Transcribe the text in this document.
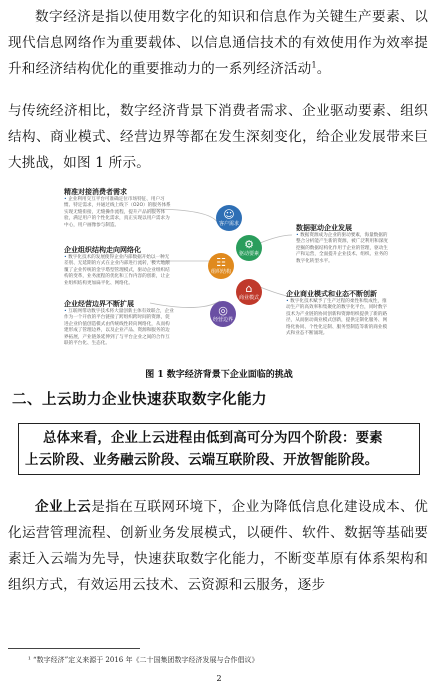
数字经济是指以使用数字化的知识和信息作为关键生产要素、以现代信息网络作为重要载体、以信息通信技术的有效使用作为效率提升和经济结构优化的重要推动力的一系列经济活动$^1$。
与传统经济相比，数字经济背景下消费者需求、企业驱动要素、组织结构、商业模式、经营边界等都在发生深刻变化，给企业发展带来巨大挑战，如图 1 所示。
精准对接消费者需求
• 企业利用交互平台可准确定位市场特征、用户习惯、特定需求，并通过线上线下（O2O）的服务体系实现无缝衔接，无缝操作流程，提升产品的服务体验，满足用户的个性化需求，真正实现以用户需求为中心，用户画像参与制造。
企业组织结构走向网络化
• 数字化技术的发展使得企业内部数据开始以一种无差别、无延期的方式在企业内部进行流转，极大地颠覆了企业传统的金字塔型管理模式，驱动企业组织结构的变革，业务流程的优化和工作内容的创新，让企业组织结构更加扁平化、网络化。
企业经营边界不断扩展
• 互联网带动数字技术将大量创新主体有效联合，企业作为一个开放的平台链接了跨组织跨时间的资源，促进企业价值创造模式由传统线性转向网络化，从而构建形成了管理边界，以及企业产品、资源和服务的边界拓展，产业链条延伸到了与平台企业之间的合作互联的平台化、生态化。
数据驱动企业发展
• 数据资源成为企业的驱动要素，海量数据的整合分析能产生新的资源，被广泛利用和深度挖掘的数据结构化作用于企业的管理，驱动生产和运营，全面提升企业技术、组织、业务的数字化转型水平。
企业商业模式和业态不断创新
• 数字化技术赋予了生产过程的柔性和集成性，推动生产的高效率和集聚化的数字化平台，同时数字技术为产业链的协同创新和资源组织提供了新的路径，从而驱动商业模式创新，提供定制化服务、网络化协同、个性化定制、服务型制造等新的商业模式和业态不断涌现。
☺
客户需求
⚙
驱动要素
☷
组织结构
⌂
商业模式
◎
经营边界
图 1 数字经济背景下企业面临的挑战
二、上云助力企业快速获取数字化能力
总体来看，企业上云进程由低到高可分为四个阶段：要素
上云阶段、业务融云阶段、云端互联阶段、开放智能阶段。
企业上云是指在互联网环境下，企业为降低信息化建设成本、优化运营管理流程、创新业务发展模式，以硬件、软件、数据等基础要素迁入云端为先导，快速获取数字化能力，不断变革原有体系架构和组织方式，有效运用云技术、云资源和云服务，逐步
¹ “数字经济”定义来源于 2016 年《二十国集团数字经济发展与合作倡议》
2
